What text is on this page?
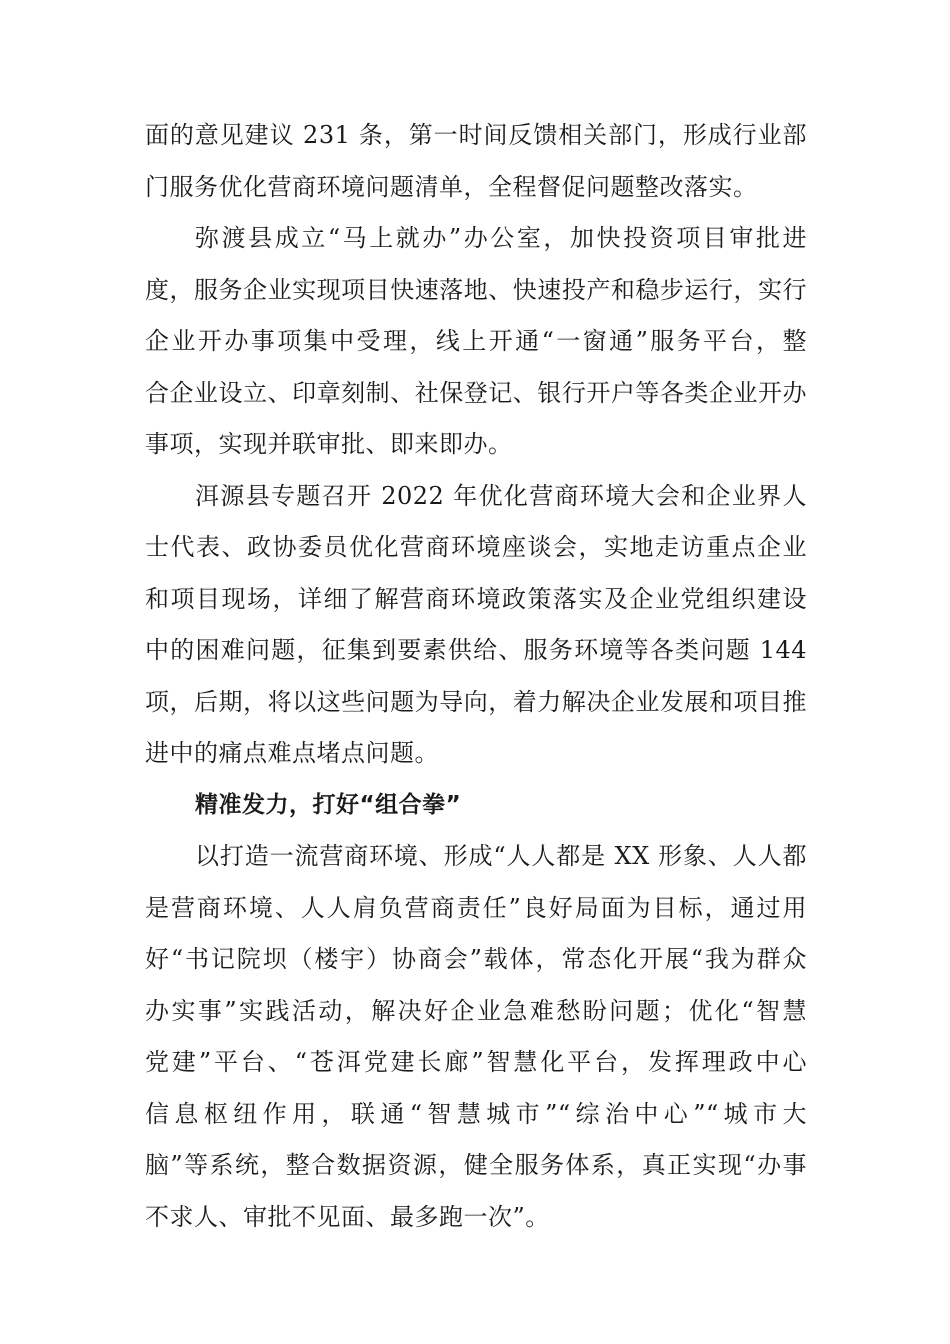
面的意见建议 231 条，第一时间反馈相关部门，形成行业部
门服务优化营商环境问题清单，全程督促问题整改落实。
弥渡县成立“马上就办”办公室，加快投资项目审批进
度，服务企业实现项目快速落地、快速投产和稳步运行，实行
企业开办事项集中受理，线上开通“一窗通”服务平台，整
合企业设立、印章刻制、社保登记、银行开户等各类企业开办
事项，实现并联审批、即来即办。
洱源县专题召开 2022 年优化营商环境大会和企业界人
士代表、政协委员优化营商环境座谈会，实地走访重点企业
和项目现场，详细了解营商环境政策落实及企业党组织建设
中的困难问题，征集到要素供给、服务环境等各类问题 144
项，后期，将以这些问题为导向，着力解决企业发展和项目推
进中的痛点难点堵点问题。
精准发力，打好“组合拳”
以打造一流营商环境、形成“人人都是 XX 形象、人人都
是营商环境、人人肩负营商责任”良好局面为目标，通过用
好“书记院坝（楼宇）协商会”载体，常态化开展“我为群众
办实事”实践活动，解决好企业急难愁盼问题；优化“智慧
党建”平台、“苍洱党建长廊”智慧化平台，发挥理政中心
信息枢纽作用，联通“智慧城市”“综治中心”“城市大
脑”等系统，整合数据资源，健全服务体系，真正实现“办事
不求人、审批不见面、最多跑一次”。
